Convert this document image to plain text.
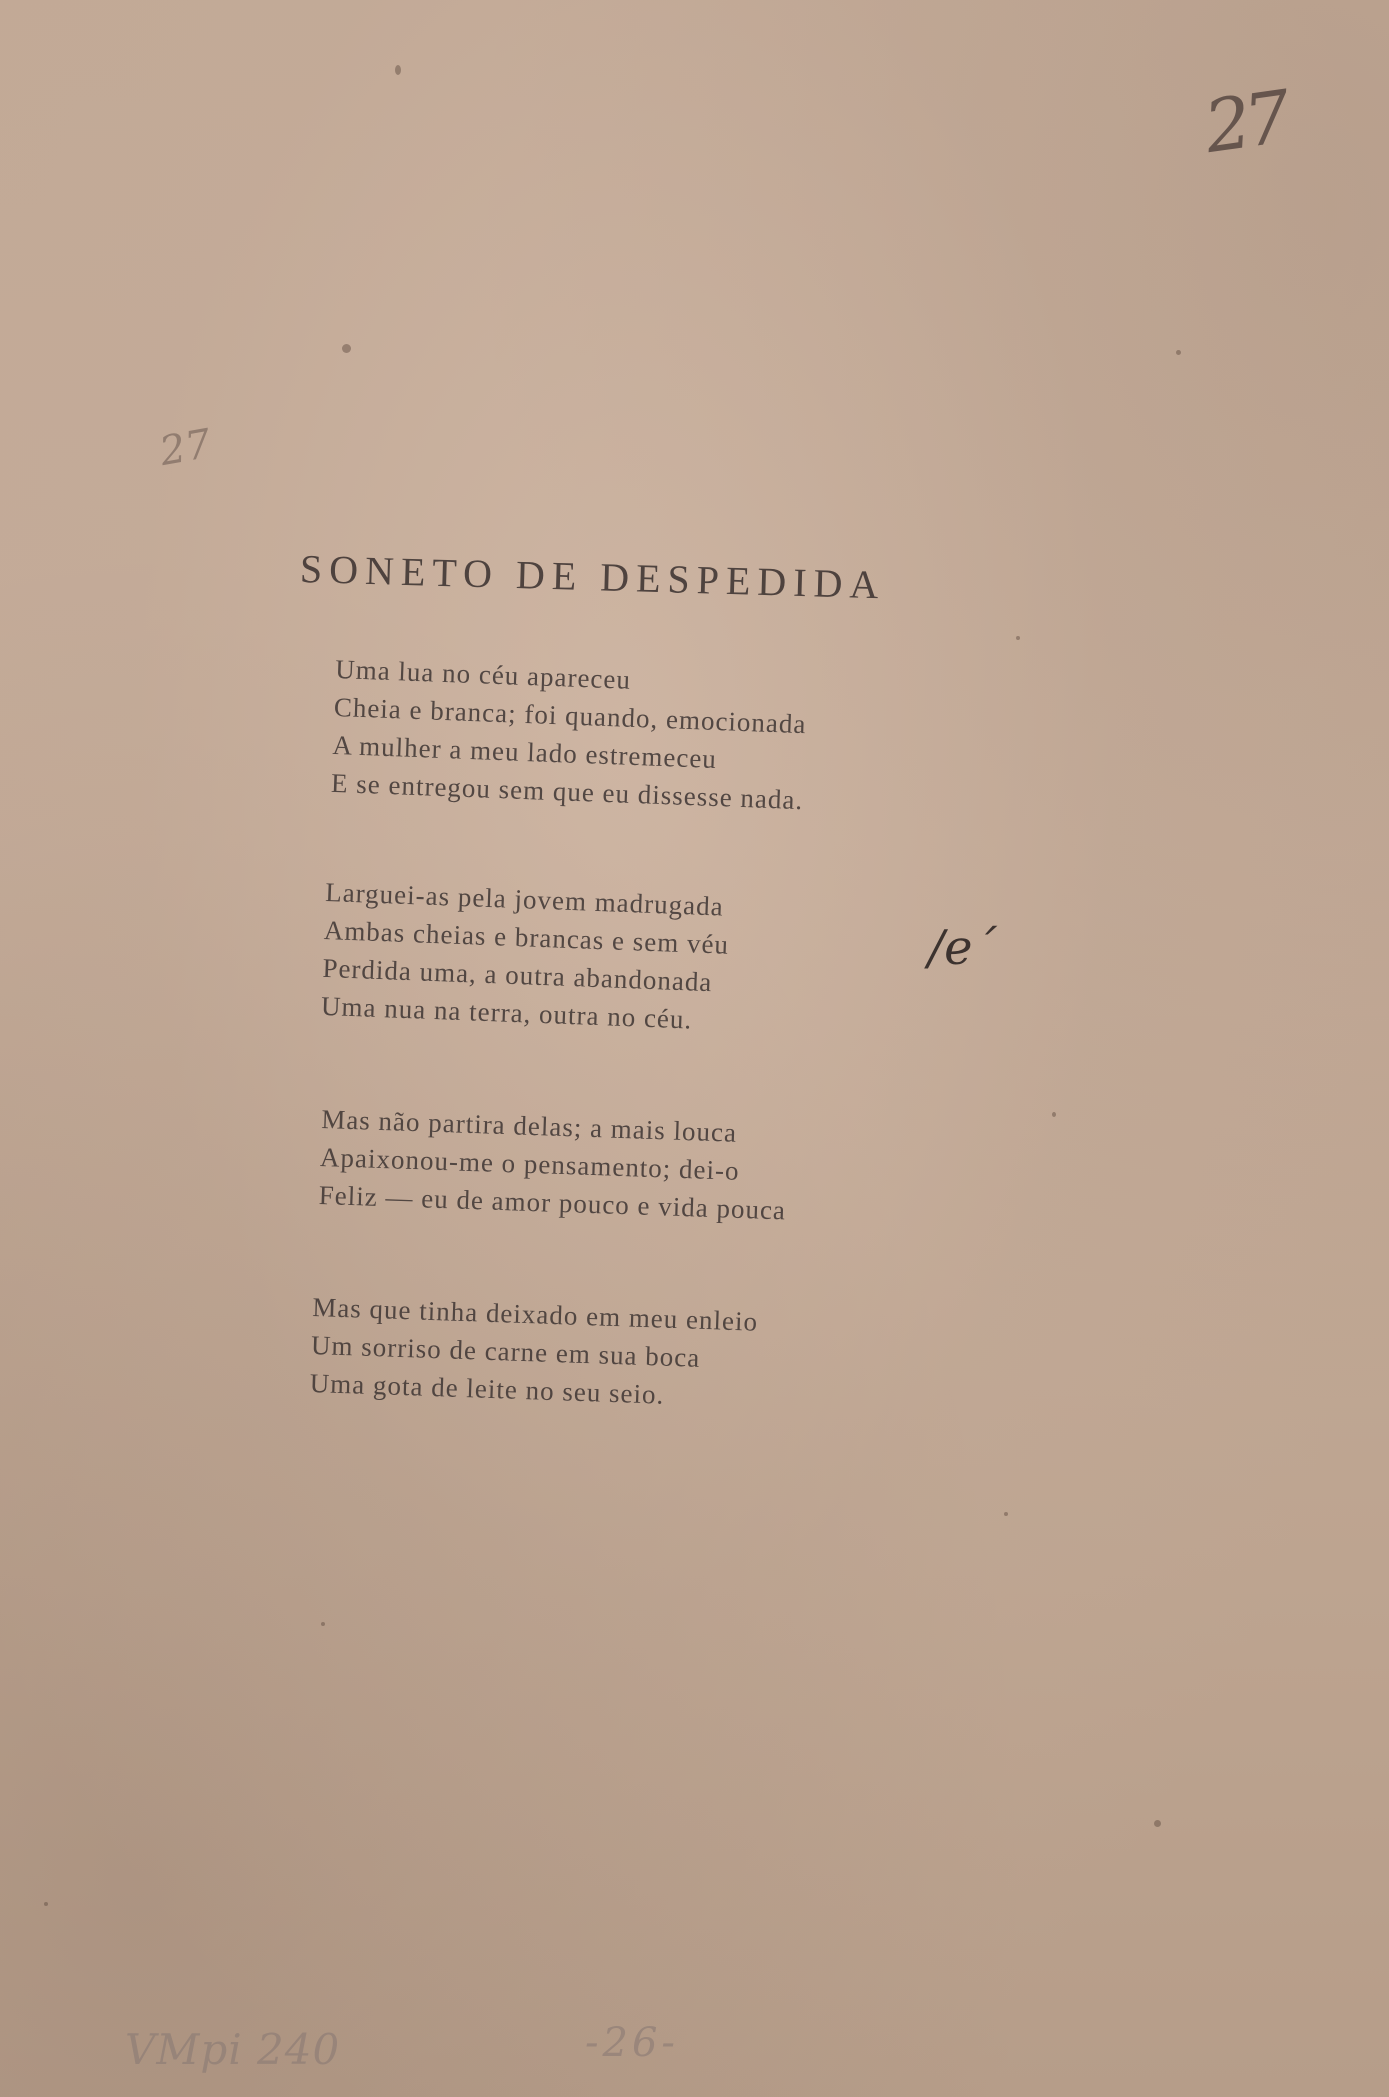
27
27
SONETO DE DESPEDIDA
Uma lua no céu apareceu
Cheia e branca; foi quando, emocionada
A mulher a meu lado estremeceu
E se entregou sem que eu dissesse nada.
Larguei-as pela jovem madrugada
Ambas cheias e brancas e sem véu
Perdida uma, a outra abandonada
Uma nua na terra, outra no céu.
/e´
Mas não partira delas; a mais louca
Apaixonou-me o pensamento; dei-o
Feliz — eu de amor pouco e vida pouca
Mas que tinha deixado em meu enleio
Um sorriso de carne em sua boca
Uma gota de leite no seu seio.
VMpi 240	-26-
